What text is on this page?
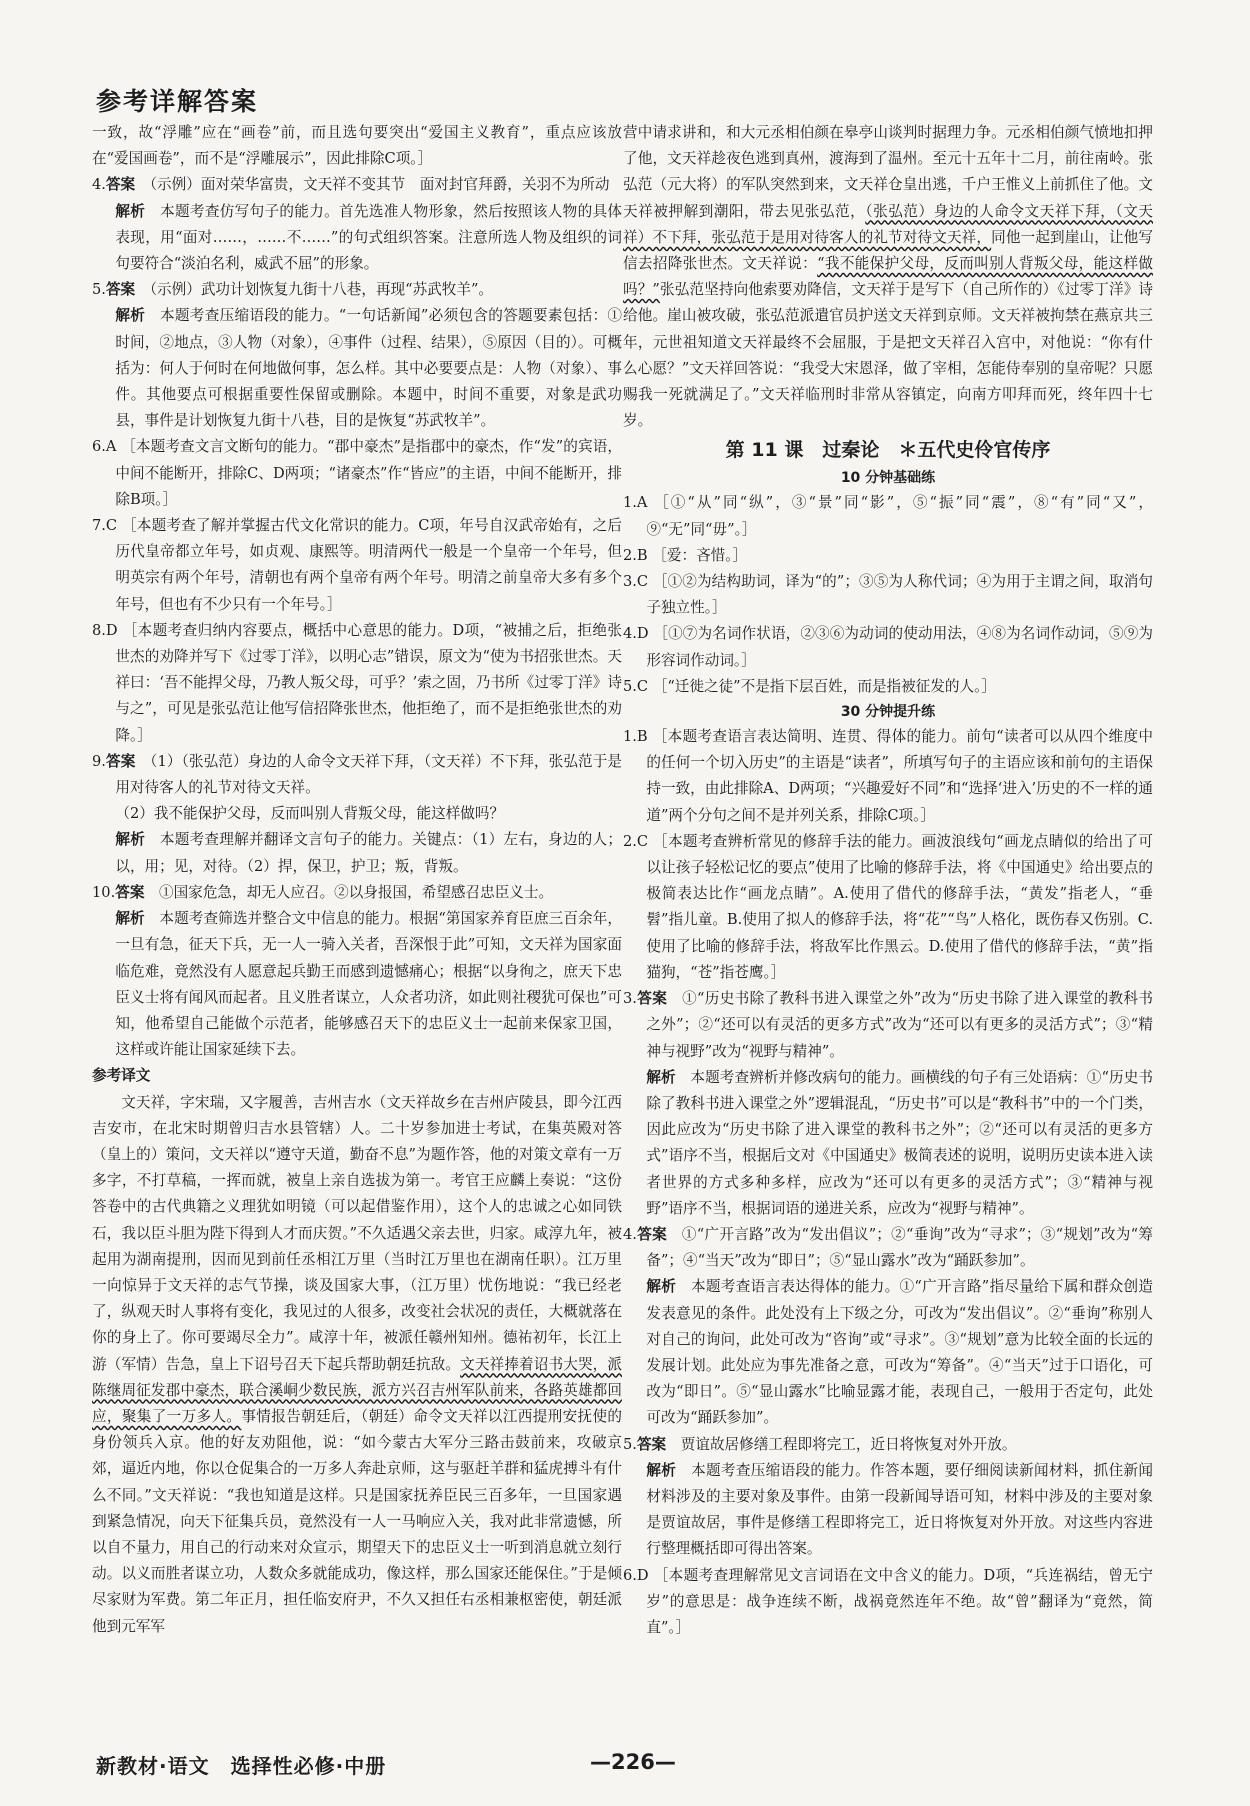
参考详解答案

一致，故“浮雕”应在“画卷”前，而且选句要突出“爱国主义教育”，重点应该放在“爱国画卷”，而不是“浮雕展示”，因此排除C项。］

4.答案　 （示例）面对荣华富贵，文天祥不变其节　面对封官拜爵，关羽不为所动

解析　 本题考查仿写句子的能力。首先选准人物形象，然后按照该人物的具体表现，用“面对……，……不……”的句式组织答案。注意所选人物及组织的词句要符合“淡泊名利，威武不屈”的形象。

5.答案　 （示例）武功计划恢复九街十八巷，再现“苏武牧羊”。

解析　 本题考查压缩语段的能力。“一句话新闻”必须包含的答题要素包括：①时间，②地点，③人物（对象），④事件（过程、结果），⑤原因（目的）。可概括为：何人于何时在何地做何事，怎么样。其中必要要点是：人物（对象）、事件。其他要点可根据重要性保留或删除。本题中，时间不重要，对象是武功县，事件是计划恢复九街十八巷，目的是恢复“苏武牧羊”。

6.A ［本题考查文言文断句的能力。“郡中豪杰”是指郡中的豪杰，作“发”的宾语，中间不能断开，排除C、D两项；“诸豪杰”作“皆应”的主语，中间不能断开，排除B项。］

7.C ［本题考查了解并掌握古代文化常识的能力。C项，年号自汉武帝始有，之后历代皇帝都立年号，如贞观、康熙等。明清两代一般是一个皇帝一个年号，但明英宗有两个年号，清朝也有两个皇帝有两个年号。明清之前皇帝大多有多个年号，但也有不少只有一个年号。］

8.D ［本题考查归纳内容要点，概括中心意思的能力。D项，“被捕之后，拒绝张世杰的劝降并写下《过零丁洋》，以明心志”错误，原文为“使为书招张世杰。天祥曰：‘吾不能捍父母，乃教人叛父母，可乎？’索之固，乃书所《过零丁洋》诗与之”，可见是张弘范让他写信招降张世杰，他拒绝了，而不是拒绝张世杰的劝降。］

9.答案　 （1）（张弘范）身边的人命令文天祥下拜，（文天祥）不下拜，张弘范于是用对待客人的礼节对待文天祥。

（2）我不能保护父母，反而叫别人背叛父母，能这样做吗？

解析　 本题考查理解并翻译文言句子的能力。关键点：（1）左右，身边的人；以，用；见，对待。（2）捍，保卫，护卫；叛，背叛。

10.答案　 ①国家危急，却无人应召。②以身报国，希望感召忠臣义士。

解析　 本题考查筛选并整合文中信息的能力。根据“第国家养育臣庶三百余年，一旦有急，征天下兵，无一人一骑入关者，吾深恨于此”可知，文天祥为国家面临危难，竟然没有人愿意起兵勤王而感到遗憾痛心；根据“以身徇之，庶天下忠臣义士将有闻风而起者。且义胜者谋立，人众者功济，如此则社稷犹可保也”可知，他希望自己能做个示范者，能够感召天下的忠臣义士一起前来保家卫国，这样或许能让国家延续下去。

参考译文

文天祥，字宋瑞，又字履善，吉州吉水（文天祥故乡在吉州庐陵县，即今江西吉安市，在北宋时期曾归吉水县管辖）人。二十岁参加进士考试，在集英殿对答（皇上的）策问，文天祥以“遵守天道，勤奋不息”为题作答，他的对策文章有一万多字，不打草稿，一挥而就，被皇上亲自选拔为第一。考官王应麟上奏说：“这份答卷中的古代典籍之义理犹如明镜（可以起借鉴作用），这个人的忠诚之心如同铁石，我以臣斗胆为陛下得到人才而庆贺。”不久适遇父亲去世，归家。咸淳九年，被起用为湖南提刑，因而见到前任丞相江万里（当时江万里也在湖南任职）。江万里一向惊异于文天祥的志气节操，谈及国家大事，（江万里）忧伤地说：“我已经老了，纵观天时人事将有变化，我见过的人很多，改变社会状况的责任，大概就落在你的身上了。你可要竭尽全力”。咸淳十年，被派任赣州知州。德祐初年，长江上游（军情）告急，皇上下诏号召天下起兵帮助朝廷抗敌。文天祥捧着诏书大哭，派陈继周征发郡中豪杰，联合溪峒少数民族，派方兴召吉州军队前来，各路英雄都回应，聚集了一万多人。事情报告朝廷后，（朝廷）命令文天祥以江西提刑安抚使的身份领兵入京。他的好友劝阻他，说：“如今蒙古大军分三路击鼓前来，攻破京郊，逼近内地，你以仓促集合的一万多人奔赴京师，这与驱赶羊群和猛虎搏斗有什么不同。”文天祥说：“我也知道是这样。只是国家抚养臣民三百多年，一旦国家遇到紧急情况，向天下征集兵员，竟然没有一人一马响应入关，我对此非常遗憾，所以自不量力，用自己的行动来对众宣示，期望天下的忠臣义士一听到消息就立刻行动。以义而胜者谋立功，人数众多就能成功，像这样，那么国家还能保住。”于是倾尽家财为军费。第二年正月，担任临安府尹，不久又担任右丞相兼枢密使，朝廷派他到元军军

营中请求讲和，和大元丞相伯颜在皋亭山谈判时据理力争。元丞相伯颜气愤地扣押了他，文天祥趁夜色逃到真州，渡海到了温州。至元十五年十二月，前往南岭。张弘范（元大将）的军队突然到来，文天祥仓皇出逃，千户王惟义上前抓住了他。文天祥被押解到潮阳，带去见张弘范，（张弘范）身边的人命令文天祥下拜，（文天祥）不下拜，张弘范于是用对待客人的礼节对待文天祥，同他一起到崖山，让他写信去招降张世杰。文天祥说：“我不能保护父母，反而叫别人背叛父母，能这样做吗？”张弘范坚持向他索要劝降信，文天祥于是写下（自己所作的）《过零丁洋》诗给他。崖山被攻破，张弘范派遣官员护送文天祥到京师。文天祥被拘禁在燕京共三年，元世祖知道文天祥最终不会屈服，于是把文天祥召入宫中，对他说：“你有什么心愿？”文天祥回答说：“我受大宋恩泽，做了宰相，怎能侍奉别的皇帝呢？只愿赐我一死就满足了。”文天祥临刑时非常从容镇定，向南方叩拜而死，终年四十七岁。

第 11 课　过秦论　＊五代史伶官传序

10 分钟基础练

1.A ［①“从”同“纵”，③“景”同“影”，⑤“振”同“震”，⑧“有”同“又”，⑨“无”同“毋”。］

2.B ［爱：吝惜。］

3.C ［①②为结构助词，译为“的”；③⑤为人称代词；④为用于主谓之间，取消句子独立性。］

4.D ［①⑦为名词作状语，②③⑥为动词的使动用法，④⑧为名词作动词，⑤⑨为形容词作动词。］

5.C ［“迁徙之徒”不是指下层百姓，而是指被征发的人。］

30 分钟提升练

1.B ［本题考查语言表达简明、连贯、得体的能力。前句“读者可以从四个维度中的任何一个切入历史”的主语是“读者”，所填写句子的主语应该和前句的主语保持一致，由此排除A、D两项；“兴趣爱好不同”和“选择‘进入’历史的不一样的通道”两个分句之间不是并列关系，排除C项。］

2.C ［本题考查辨析常见的修辞手法的能力。画波浪线句“画龙点睛似的给出了可以让孩子轻松记忆的要点”使用了比喻的修辞手法，将《中国通史》给出要点的极简表达比作“画龙点睛”。A.使用了借代的修辞手法，“黄发”指老人，“垂髫”指儿童。B.使用了拟人的修辞手法，将“花”“鸟”人格化，既伤春又伤别。C.使用了比喻的修辞手法，将敌军比作黑云。D.使用了借代的修辞手法，“黄”指猫狗，“苍”指苍鹰。］

3.答案　 ①“历史书除了教科书进入课堂之外”改为“历史书除了进入课堂的教科书之外”；②“还可以有灵活的更多方式”改为“还可以有更多的灵活方式”；③“精神与视野”改为“视野与精神”。

解析　 本题考查辨析并修改病句的能力。画横线的句子有三处语病：①“历史书除了教科书进入课堂之外”逻辑混乱，“历史书”可以是“教科书”中的一个门类，因此应改为“历史书除了进入课堂的教科书之外”；②“还可以有灵活的更多方式”语序不当，根据后文对《中国通史》极简表述的说明，说明历史读本进入读者世界的方式多种多样，应改为“还可以有更多的灵活方式”；③“精神与视野”语序不当，根据词语的递进关系，应改为“视野与精神”。

4.答案　 ①“广开言路”改为“发出倡议”；②“垂询”改为“寻求”；③“规划”改为“筹备”；④“当天”改为“即日”；⑤“显山露水”改为“踊跃参加”。

解析　 本题考查语言表达得体的能力。①“广开言路”指尽量给下属和群众创造发表意见的条件。此处没有上下级之分，可改为“发出倡议”。②“垂询”称别人对自己的询问，此处可改为“咨询”或“寻求”。③“规划”意为比较全面的长远的发展计划。此处应为事先准备之意，可改为“筹备”。④“当天”过于口语化，可改为“即日”。⑤“显山露水”比喻显露才能，表现自己，一般用于否定句，此处可改为“踊跃参加”。

5.答案　 贾谊故居修缮工程即将完工，近日将恢复对外开放。

解析　 本题考查压缩语段的能力。作答本题，要仔细阅读新闻材料，抓住新闻材料涉及的主要对象及事件。由第一段新闻导语可知，材料中涉及的主要对象是贾谊故居，事件是修缮工程即将完工，近日将恢复对外开放。对这些内容进行整理概括即可得出答案。

6.D ［本题考查理解常见文言词语在文中含义的能力。D项，“兵连祸结，曾无宁岁”的意思是：战争连续不断，战祸竟然连年不绝。故“曾”翻译为“竟然，简直”。］

新教材·语文　选择性必修·中册	—226—
